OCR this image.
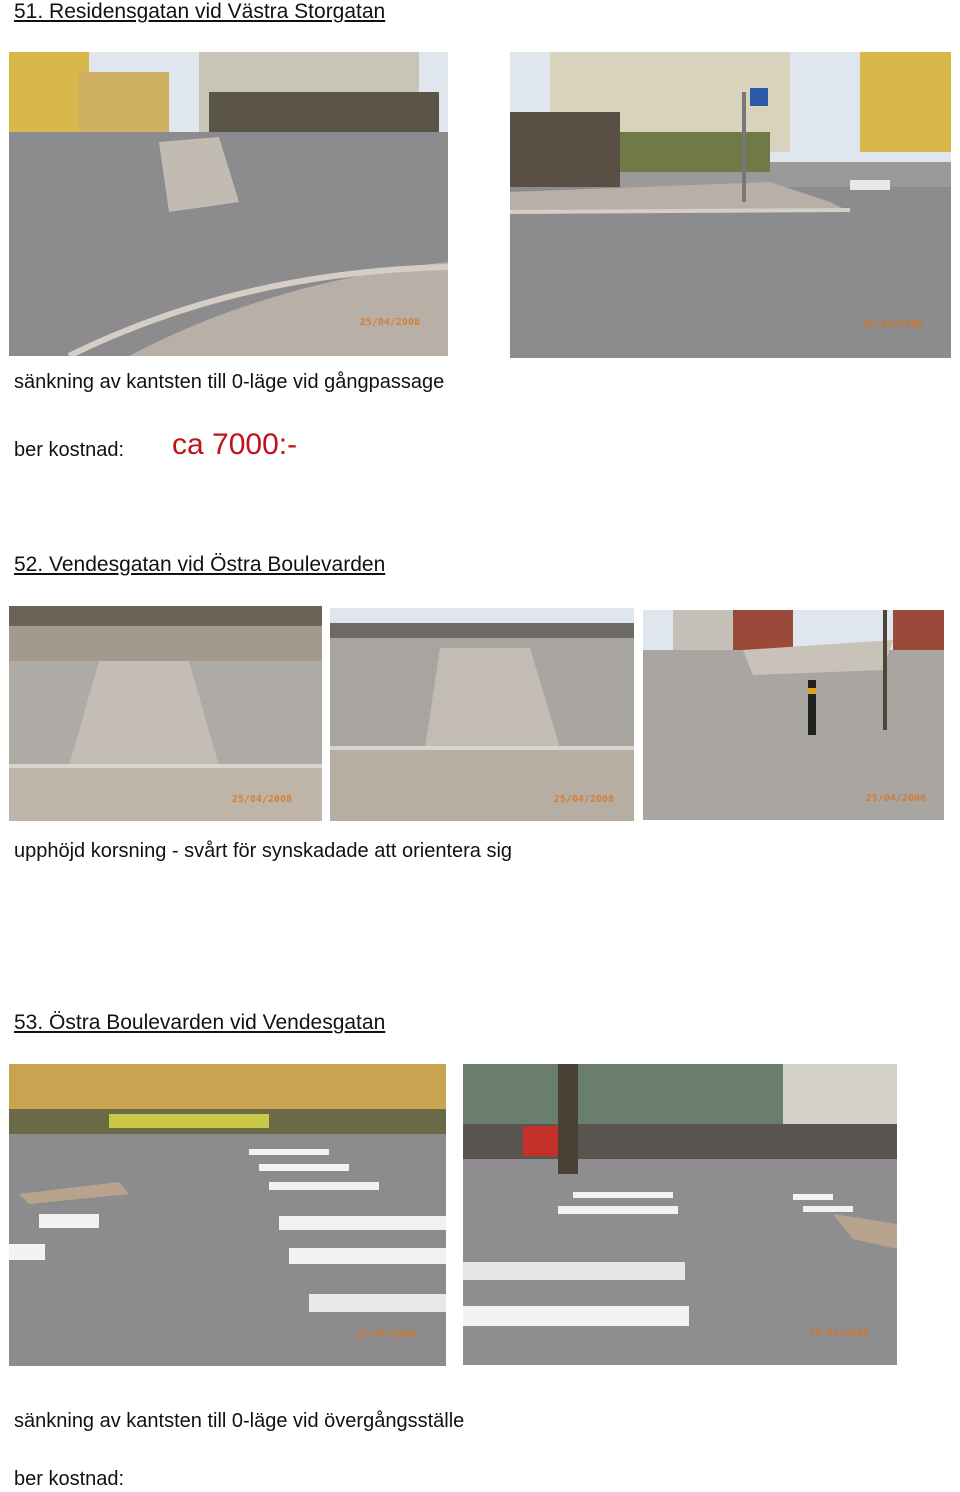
51. Residensgatan vid Västra Storgatan
25/04/2008	25/04/2008

sänkning av kantsten till 0-läge vid gångpassage

ber kostnad: ca 7000:-
52. Vendesgatan vid Östra Boulevarden
25/04/2008	25/04/2008	25/04/2008

upphöjd korsning - svårt för synskadade att orientera sig

53. Östra Boulevarden vid Vendesgatan
25/04/2008	25/04/2008

sänkning av kantsten till 0-läge vid övergångsställe

ber kostnad:
